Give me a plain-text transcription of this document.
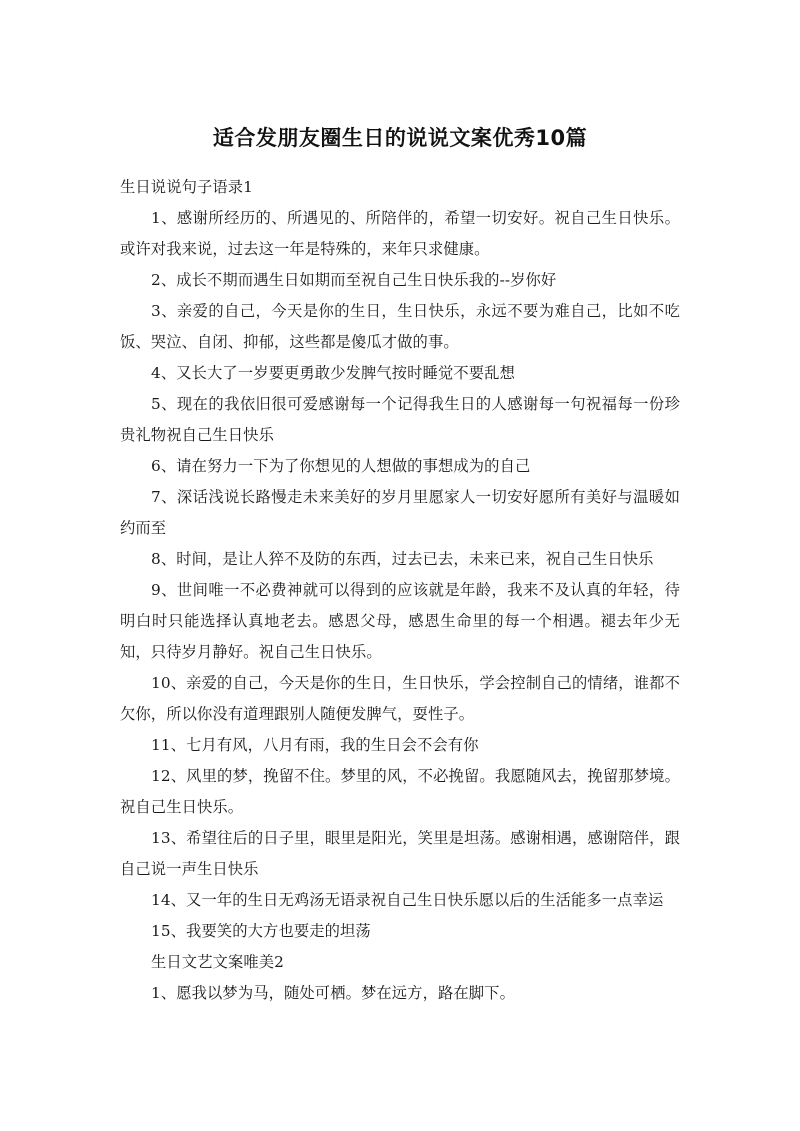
适合发朋友圈生日的说说文案优秀10篇

生日说说句子语录1

1、感谢所经历的、所遇见的、所陪伴的，希望一切安好。祝自己生日快乐。或许对我来说，过去这一年是特殊的，来年只求健康。

2、成长不期而遇生日如期而至祝自己生日快乐我的--岁你好

3、亲爱的自己，今天是你的生日，生日快乐，永远不要为难自己，比如不吃饭、哭泣、自闭、抑郁，这些都是傻瓜才做的事。

4、又长大了一岁要更勇敢少发脾气按时睡觉不要乱想

5、现在的我依旧很可爱感谢每一个记得我生日的人感谢每一句祝福每一份珍贵礼物祝自己生日快乐

6、请在努力一下为了你想见的人想做的事想成为的自己

7、深话浅说长路慢走未来美好的岁月里愿家人一切安好愿所有美好与温暖如约而至

8、时间，是让人猝不及防的东西，过去已去，未来已来，祝自己生日快乐

9、世间唯一不必费神就可以得到的应该就是年龄，我来不及认真的年轻，待明白时只能选择认真地老去。感恩父母，感恩生命里的每一个相遇。褪去年少无知，只待岁月静好。祝自己生日快乐。

10、亲爱的自己，今天是你的生日，生日快乐，学会控制自己的情绪，谁都不欠你，所以你没有道理跟别人随便发脾气，耍性子。

11、七月有风，八月有雨，我的生日会不会有你

12、风里的梦，挽留不住。梦里的风，不必挽留。我愿随风去，挽留那梦境。祝自己生日快乐。

13、希望往后的日子里，眼里是阳光，笑里是坦荡。感谢相遇，感谢陪伴，跟自己说一声生日快乐

14、又一年的生日无鸡汤无语录祝自己生日快乐愿以后的生活能多一点幸运

15、我要笑的大方也要走的坦荡

生日文艺文案唯美2

1、愿我以梦为马，随处可栖。梦在远方，路在脚下。
